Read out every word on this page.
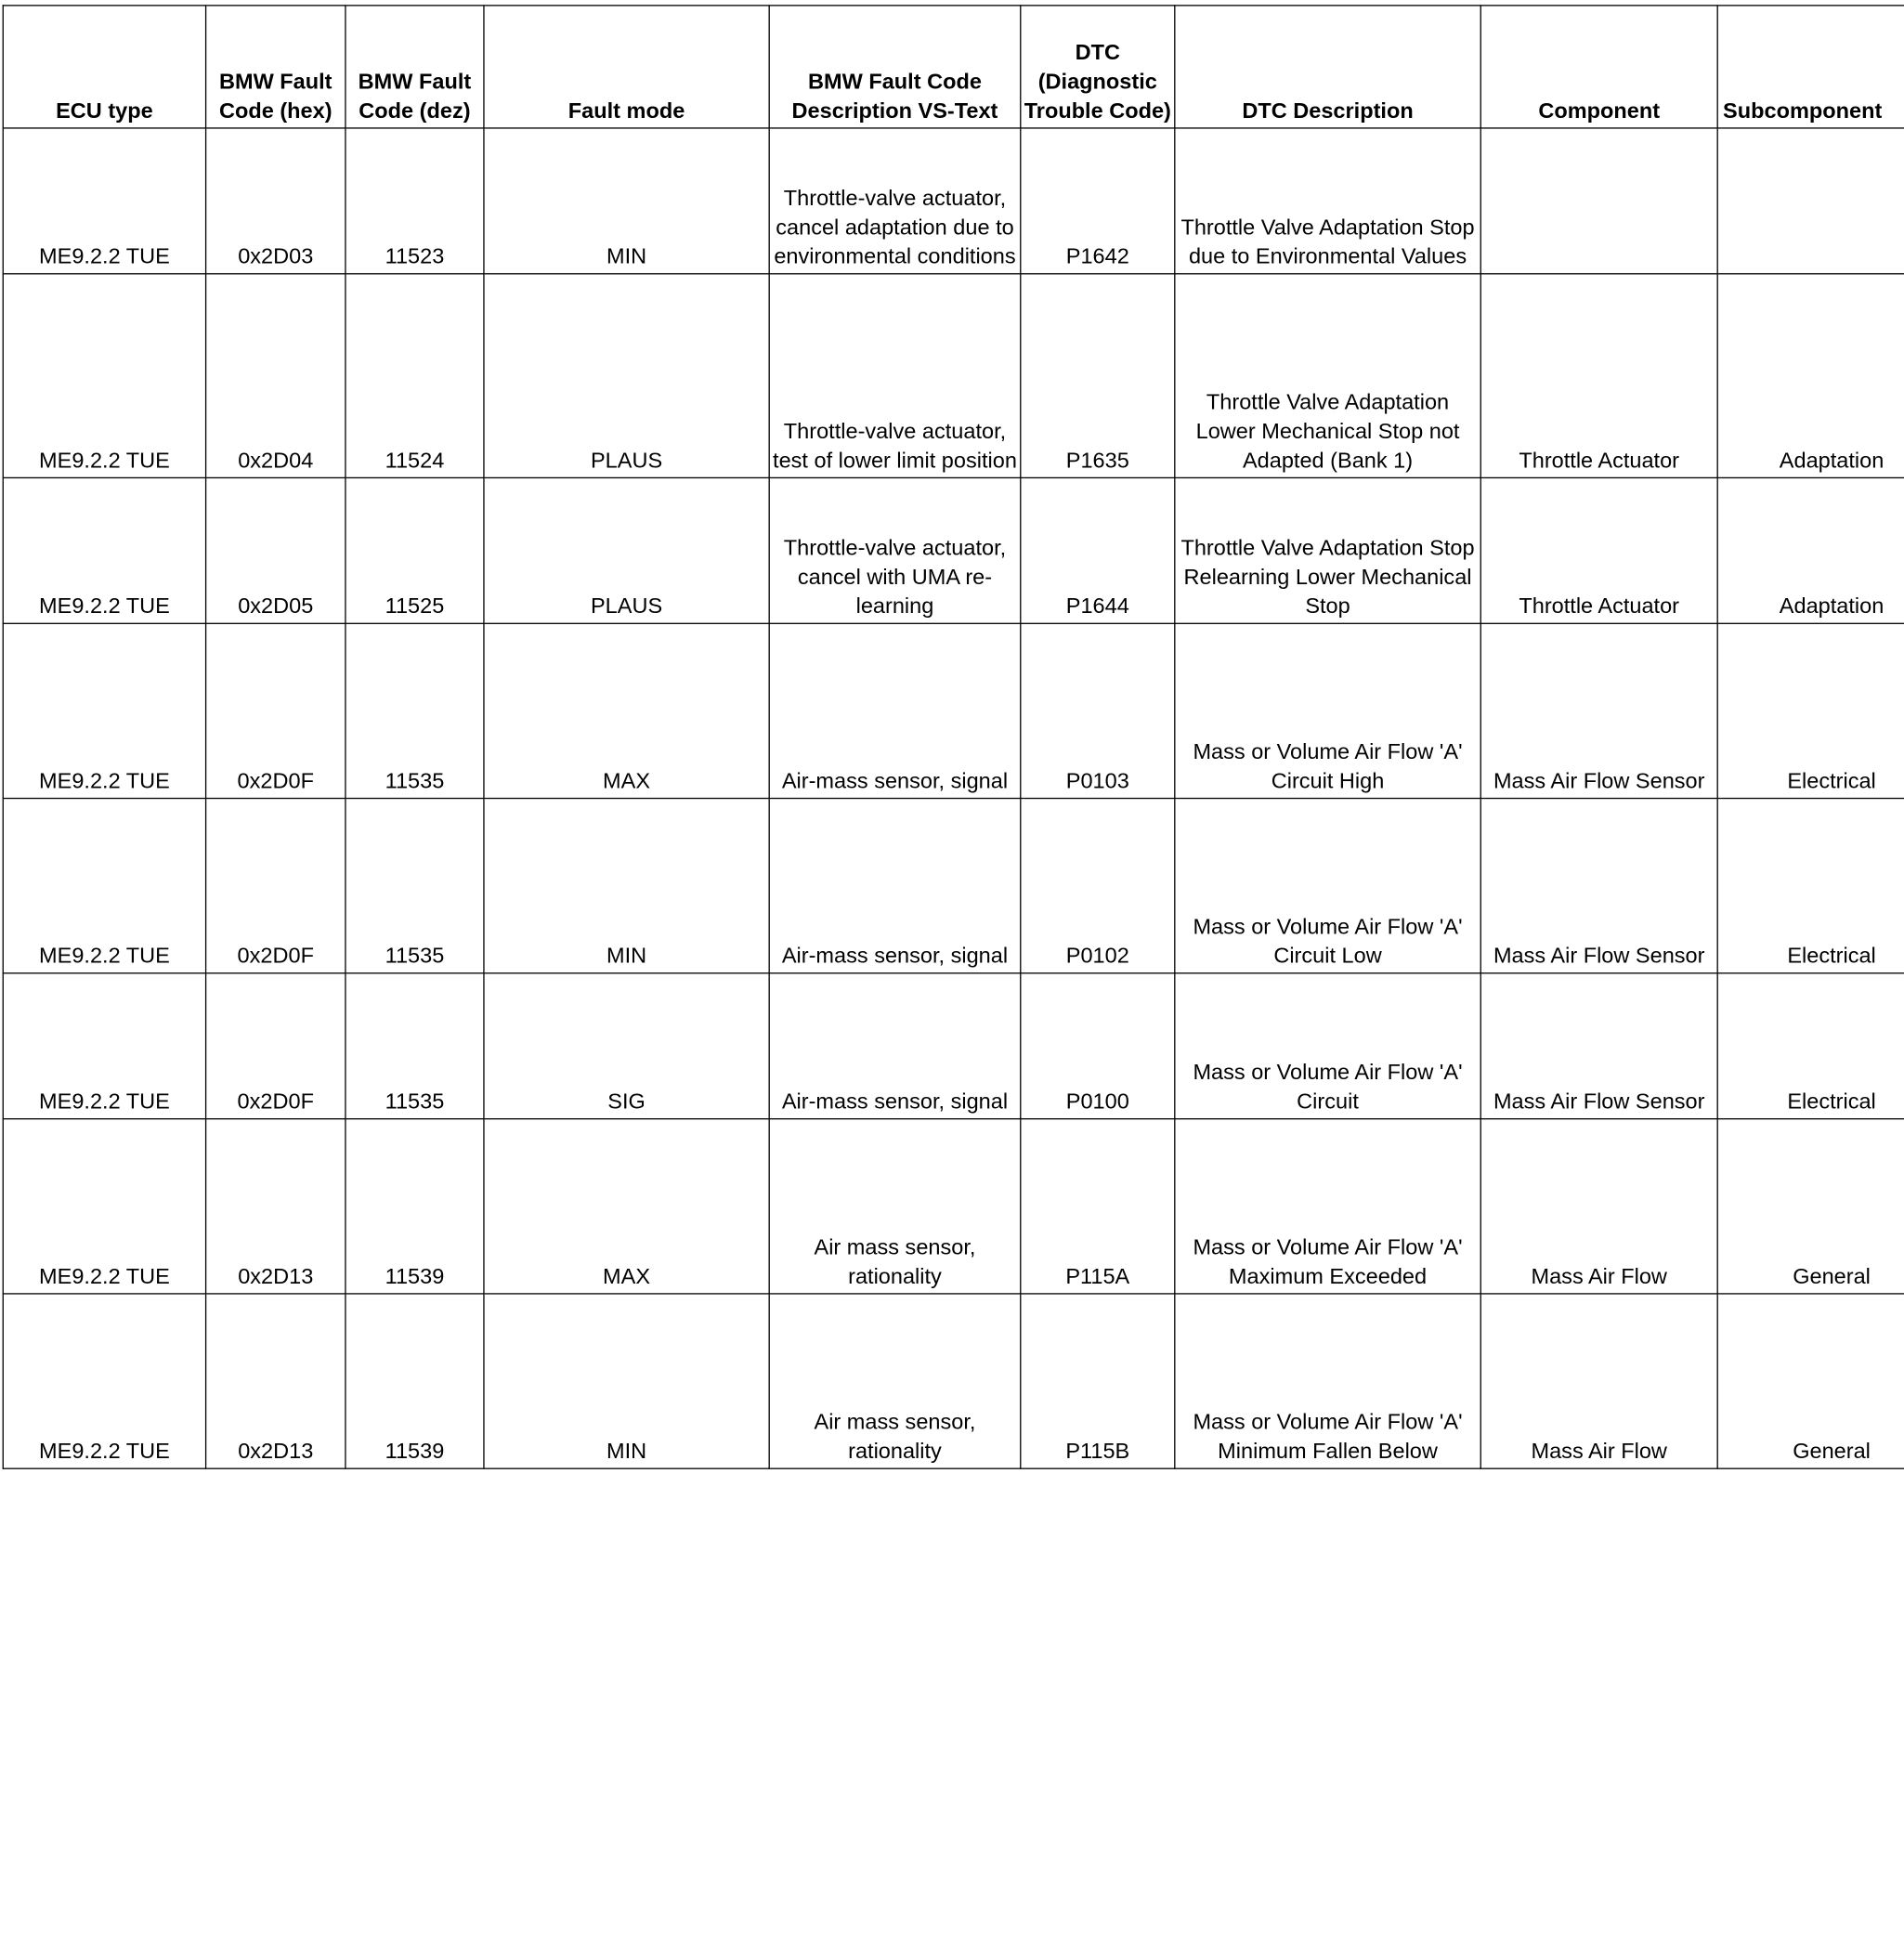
ECU type	BMW Fault Code (hex)	BMW Fault Code (dez)	Fault mode	BMW Fault Code Description VS-Text	DTC (Diagnostic Trouble Code)	DTC Description	Component	Subcomponent
ME9.2.2 TUE	0x2D03	11523	MIN	Throttle-valve actuator, cancel adaptation due to environmental conditions	P1642	Throttle Valve Adaptation Stop due to Environmental Values		
ME9.2.2 TUE	0x2D04	11524	PLAUS	Throttle-valve actuator, test of lower limit position	P1635	Throttle Valve Adaptation Lower Mechanical Stop not Adapted (Bank 1)	Throttle Actuator	Adaptation
ME9.2.2 TUE	0x2D05	11525	PLAUS	Throttle-valve actuator, cancel with UMA re-learning	P1644	Throttle Valve Adaptation Stop Relearning Lower Mechanical Stop	Throttle Actuator	Adaptation
ME9.2.2 TUE	0x2D0F	11535	MAX	Air-mass sensor, signal	P0103	Mass or Volume Air Flow 'A' Circuit High	Mass Air Flow Sensor	Electrical
ME9.2.2 TUE	0x2D0F	11535	MIN	Air-mass sensor, signal	P0102	Mass or Volume Air Flow 'A' Circuit Low	Mass Air Flow Sensor	Electrical
ME9.2.2 TUE	0x2D0F	11535	SIG	Air-mass sensor, signal	P0100	Mass or Volume Air Flow 'A' Circuit	Mass Air Flow Sensor	Electrical
ME9.2.2 TUE	0x2D13	11539	MAX	Air mass sensor, rationality	P115A	Mass or Volume Air Flow 'A' Maximum Exceeded	Mass Air Flow	General
ME9.2.2 TUE	0x2D13	11539	MIN	Air mass sensor, rationality	P115B	Mass or Volume Air Flow 'A' Minimum Fallen Below	Mass Air Flow	General
